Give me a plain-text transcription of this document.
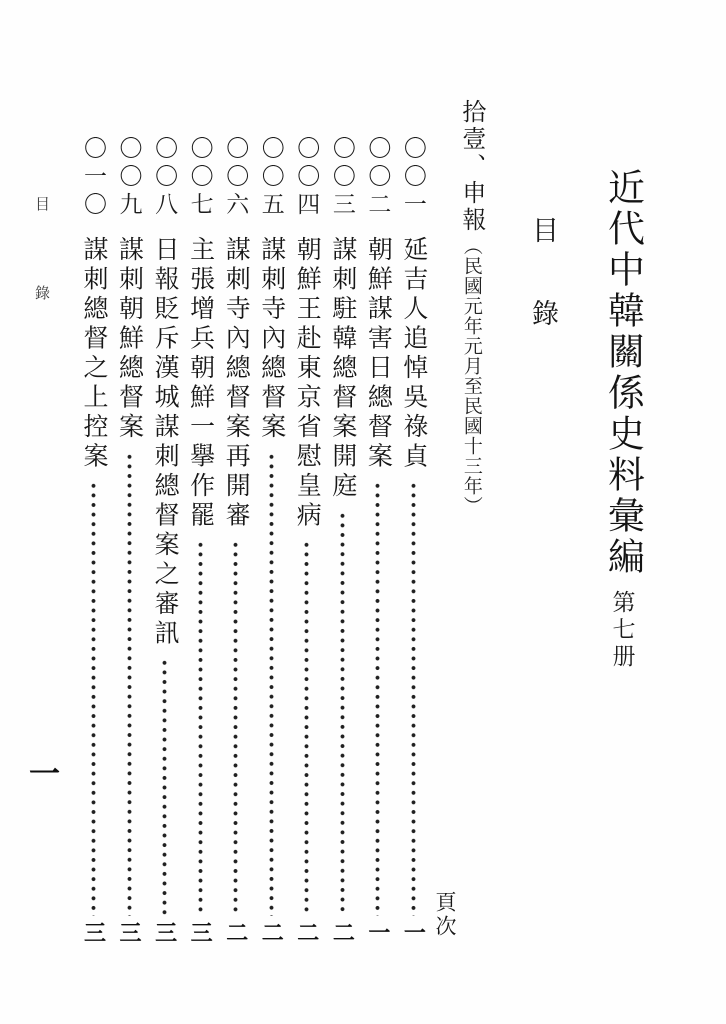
近代中韓關係史料彙編第七册
目錄
拾壹、申報（民國元年元月至民國十三年）
頁次
〇〇一
延吉人追悼吳祿貞
一
〇〇二
朝鮮謀害日總督案
一
〇〇三
謀刺駐韓總督案開庭
二
〇〇四
朝鮮王赴東京省慰皇病
二
〇〇五
謀刺寺內總督案
二
〇〇六
謀刺寺內總督案再開審
二
〇〇七
主張增兵朝鮮一擧作罷
三
〇〇八
日報貶斥漢城謀刺總督案之審訊
三
〇〇九
謀刺朝鮮總督案
三
〇一〇
謀刺總督之上控案
三
目錄
一
